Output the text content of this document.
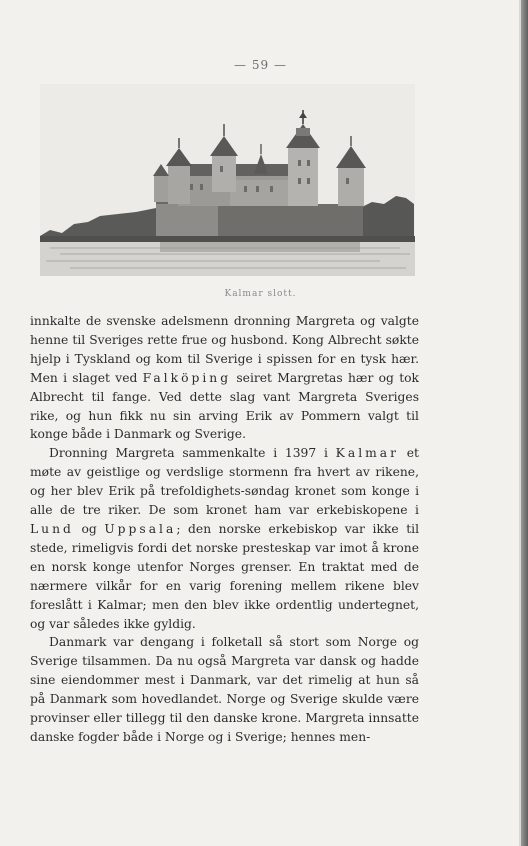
— 59 —
Kalmar slott.

innkalte de svenske adelsmenn dronning Margreta og valgte henne til Sveriges rette frue og husbond. Kong Albrecht søkte hjelp i Tyskland og kom til Sverige i spissen for en tysk hær. Men i slaget ved Falköping seiret Margretas hær og tok Albrecht til fange. Ved dette slag vant Margreta Sveriges rike, og hun fikk nu sin arving Erik av Pommern valgt til konge både i Danmark og Sverige.

Dronning Margreta sammenkalte i 1397 i Kalmar et møte av geistlige og verdslige stormenn fra hvert av rikene, og her blev Erik på trefoldighets-søndag kronet som konge i alle de tre riker. De som kronet ham var erkebiskopene i Lund og Uppsala; den norske erkebiskop var ikke til stede, rimeligvis fordi det norske presteskap var imot å krone en norsk konge utenfor Norges grenser. En traktat med de nærmere vilkår for en varig forening mellem rikene blev foreslått i Kalmar; men den blev ikke ordentlig undertegnet, og var således ikke gyldig.

Danmark var dengang i folketall så stort som Norge og Sverige tilsammen. Da nu også Margreta var dansk og hadde sine eiendommer mest i Danmark, var det rimelig at hun så på Danmark som hovedlandet. Norge og Sverige skulde være provinser eller tillegg til den danske krone. Margreta innsatte danske fogder både i Norge og i Sverige; hennes men-
